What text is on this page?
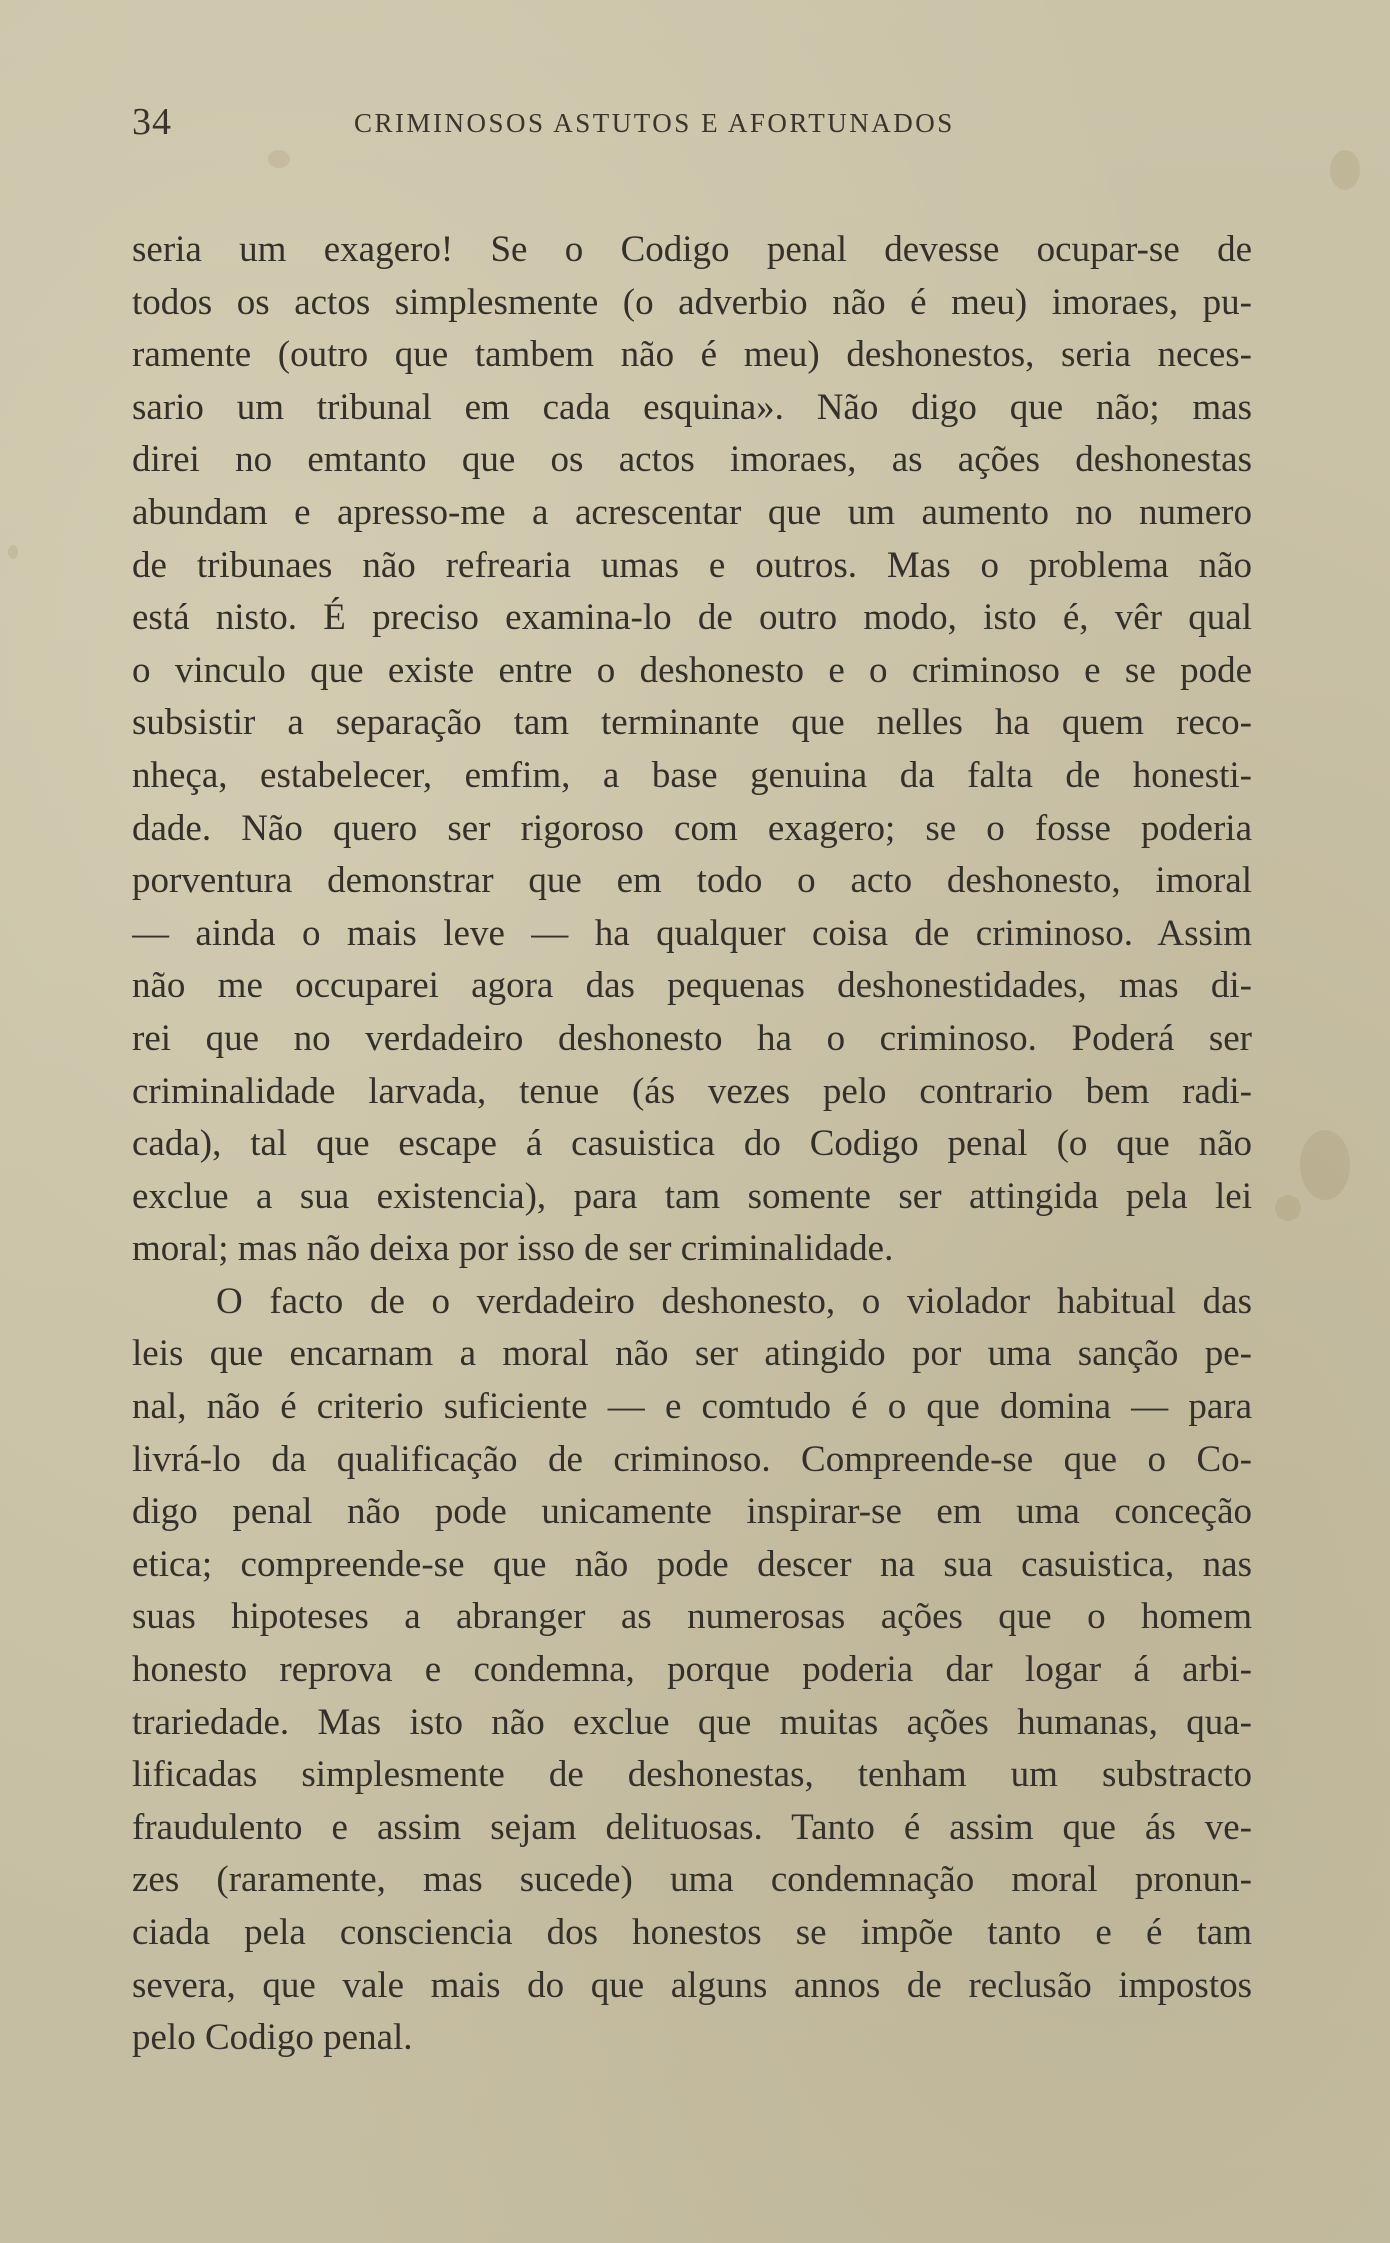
34	CRIMINOSOS ASTUTOS E AFORTUNADOS
seria um exagero! Se o Codigo penal devesse ocupar-se de
todos os actos simplesmente (o adverbio não é meu) imoraes, pu-
ramente (outro que tambem não é meu) deshonestos, seria neces-
sario um tribunal em cada esquina». Não digo que não; mas
direi no emtanto que os actos imoraes, as ações deshonestas
abundam e apresso-me a acrescentar que um aumento no numero
de tribunaes não refrearia umas e outros. Mas o problema não
está nisto. É preciso examina-lo de outro modo, isto é, vêr qual
o vinculo que existe entre o deshonesto e o criminoso e se pode
subsistir a separação tam terminante que nelles ha quem reco-
nheça, estabelecer, emfim, a base genuina da falta de honesti-
dade. Não quero ser rigoroso com exagero; se o fosse poderia
porventura demonstrar que em todo o acto deshonesto, imoral
— ainda o mais leve — ha qualquer coisa de criminoso. Assim
não me occuparei agora das pequenas deshonestidades, mas di-
rei que no verdadeiro deshonesto ha o criminoso. Poderá ser
criminalidade larvada, tenue (ás vezes pelo contrario bem radi-
cada), tal que escape á casuistica do Codigo penal (o que não
exclue a sua existencia), para tam somente ser attingida pela lei
moral; mas não deixa por isso de ser criminalidade.
O facto de o verdadeiro deshonesto, o violador habitual das
leis que encarnam a moral não ser atingido por uma sanção pe-
nal, não é criterio suficiente — e comtudo é o que domina — para
livrá-lo da qualificação de criminoso. Compreende-se que o Co-
digo penal não pode unicamente inspirar-se em uma conceção
etica; compreende-se que não pode descer na sua casuistica, nas
suas hipoteses a abranger as numerosas ações que o homem
honesto reprova e condemna, porque poderia dar logar á arbi-
trariedade. Mas isto não exclue que muitas ações humanas, qua-
lificadas simplesmente de deshonestas, tenham um substracto
fraudulento e assim sejam delituosas. Tanto é assim que ás ve-
zes (raramente, mas sucede) uma condemnação moral pronun-
ciada pela consciencia dos honestos se impõe tanto e é tam
severa, que vale mais do que alguns annos de reclusão impostos
pelo Codigo penal.
